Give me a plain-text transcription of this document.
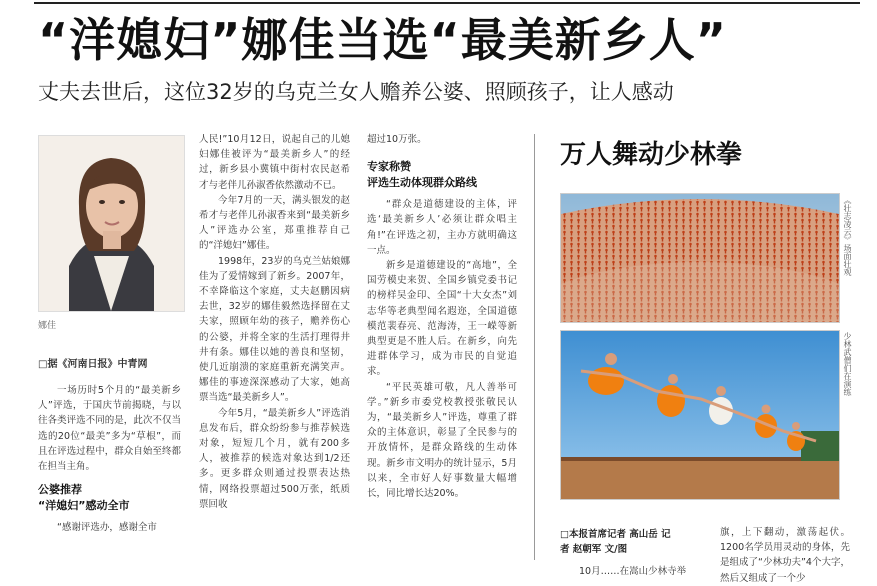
“洋媳妇”娜佳当选“最美新乡人”
丈夫去世后，这位32岁的乌克兰女人赡养公婆、照顾孩子，让人感动
娜佳
□据《河南日报》中青网

一场历时5个月的“最美新乡人”评选，于国庆节前揭晓，与以往各类评选不同的是，此次不仅当选的20位“最美”多为“草根”，而且在评选过程中，群众自始至终都在担当主角。

公婆推荐

“洋媳妇”感动全市

“感谢评选办，感谢全市

人民!”10月12日，说起自己的儿媳妇娜佳被评为“最美新乡人”的经过，新乡县小冀镇中街村农民赵希才与老伴儿孙淑香依然激动不已。

今年7月的一天，满头银发的赵希才与老伴儿孙淑香来到“最美新乡人”评选办公室，郑重推荐自己的“洋媳妇”娜佳。

1998年，23岁的乌克兰姑娘娜佳为了爱情嫁到了新乡。2007年，不幸降临这个家庭，丈夫赵鹏因病去世，32岁的娜佳毅然选择留在丈夫家，照顾年幼的孩子，赡养伤心的公婆，并将全家的生活打理得井井有条。娜佳以她的善良和坚韧，使几近崩溃的家庭重新充满笑声。娜佳的事迹深深感动了大家，她高票当选“最美新乡人”。

今年5月，“最美新乡人”评选消息发布后，群众纷纷参与推荐候选对象，短短几个月，就有200多人，被推荐的候选对象达到1/2还多。更多群众则通过投票表达热情，网络投票超过500万张，纸质票回收

超过10万张。

专家称赞

评选生动体现群众路线

“群众是道德建设的主体，评选‘最美新乡人’必须让群众唱主角!”在评选之初，主办方就明确这一点。

新乡是道德建设的“高地”，全国劳模史来贺、全国乡镇党委书记的榜样吴金印、全国“十大女杰”刘志华等老典型闻名遐迩，全国道德模范裴春亮、范海涛，王一嵘等新典型更是不胜人后。在新乡，向先进群体学习，成为市民的自觉追求。

“平民英雄可敬，凡人善举可学。”新乡市委党校教授张敬民认为，“最美新乡人”评选，尊重了群众的主体意识，彰显了全民参与的开放情怀，是群众路线的生动体现。新乡市文明办的统计显示，5月以来，全市好人好事数量大幅增长，同比增长达20%。

万人舞动少林拳
《壮志凌云》场面壮观
少林武僧们在演练
□本报首席记者 高山岳 记
者 赵朝军 文/图

旗，上下翻动，激荡起伏。1200名学员用灵动的身体，先是组成了“少林功夫”4个大字，然后又组成了一个少

10月……在嵩山少林寺举
